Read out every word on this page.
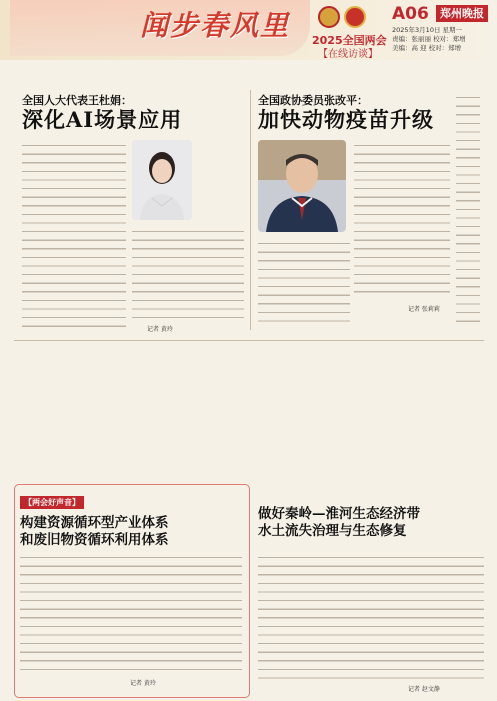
闻步春风里 2025全国两会
【在线访谈】
A06	郑州晚报
2025年3月10日 星期一
责编：张丽丽 校对：郑增
美编：高 迎 校对：郑增
全国人大代表王杜娟：
深化AI场景应用
记者 黄玲
全国政协委员张改平：
加快动物疫苗升级
记者 张莉莉
【两会好声音】
构建资源循环型产业体系
和废旧物资循环利用体系
记者 黄玲
做好秦岭—淮河生态经济带
水土流失治理与生态修复
记者 赵文静
